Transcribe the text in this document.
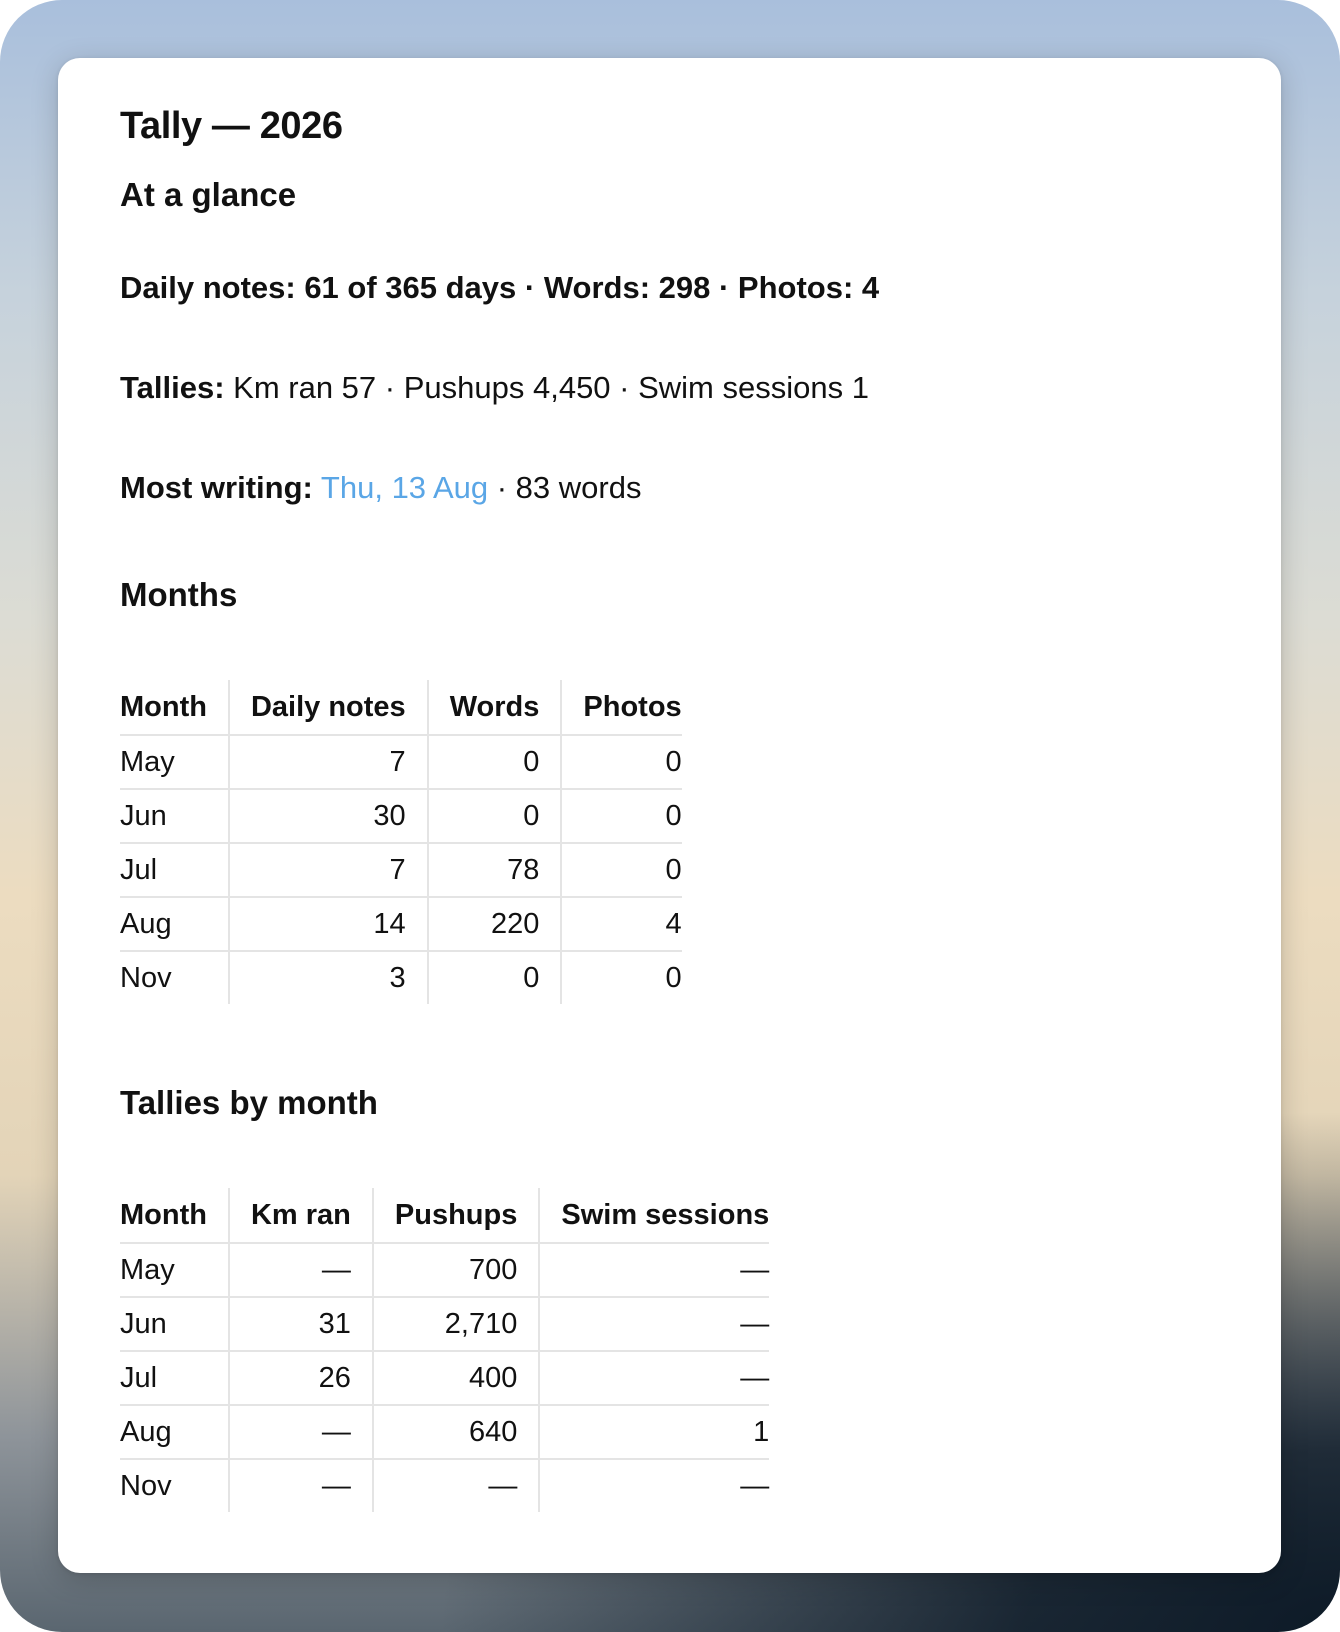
Tally — 2026
At a glance

Daily notes: 61 of 365 days · Words: 298 · Photos: 4

Tallies: Km ran 57 · Pushups 4,450 · Swim sessions 1

Most writing: Thu, 13 Aug · 83 words

Months
Month	Daily notes	Words	Photos
May	7	0	0
Jun	30	0	0
Jul	7	78	0
Aug	14	220	4
Nov	3	0	0
Tallies by month
Month	Km ran	Pushups	Swim sessions
May	—	700	—
Jun	31	2,710	—
Jul	26	400	—
Aug	—	640	1
Nov	—	—	—
